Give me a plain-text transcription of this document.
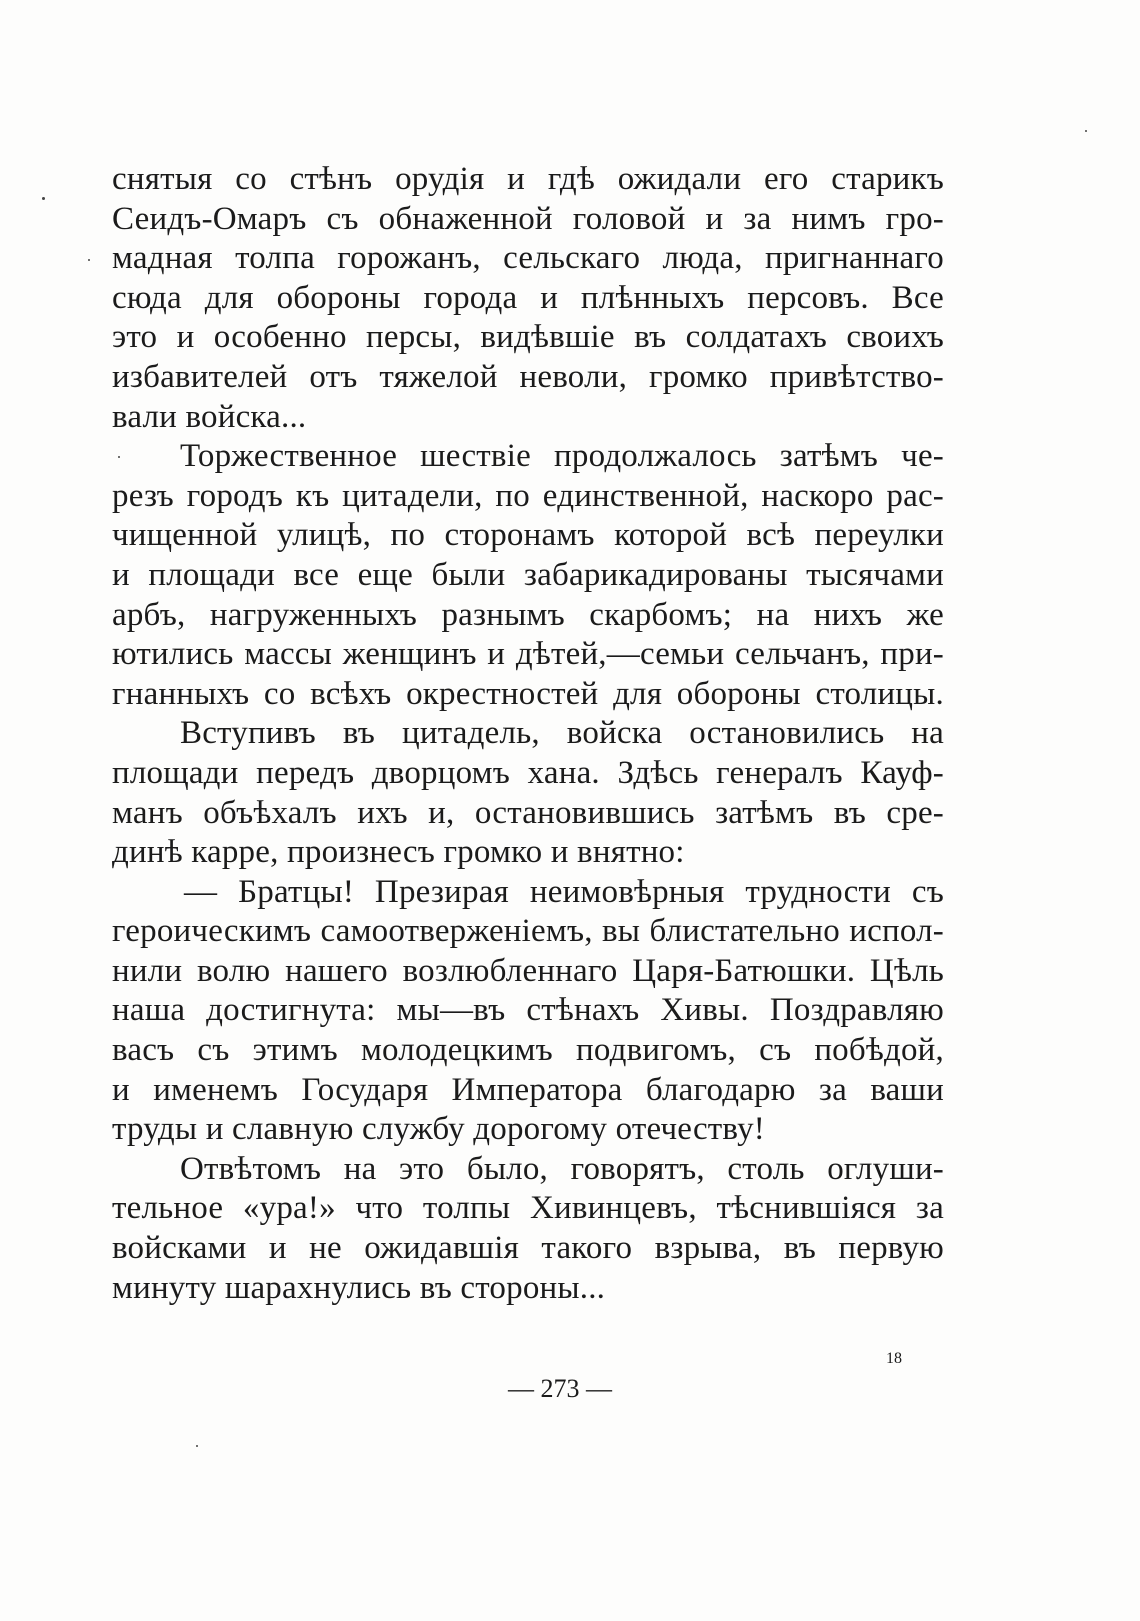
снятыя со стѣнъ орудія и гдѣ ожидали его старикъ
Сеидъ-Омаръ съ обнаженной головой и за нимъ гро-
мадная толпа горожанъ, сельскаго люда, пригнаннаго
сюда для обороны города и плѣнныхъ персовъ. Все
это и особенно персы, видѣвшіе въ солдатахъ своихъ
избавителей отъ тяжелой неволи, громко привѣтство-
вали войска...
Торжественное шествіе продолжалось затѣмъ че-
резъ городъ къ цитадели, по единственной, наскоро рас-
чищенной улицѣ, по сторонамъ которой всѣ переулки
и площади все еще были забарикадированы тысячами
арбъ, нагруженныхъ разнымъ скарбомъ; на нихъ же
ютились массы женщинъ и дѣтей,—семьи сельчанъ, при-
гнанныхъ со всѣхъ окрестностей для обороны столицы.
Вступивъ въ цитадель, войска остановились на
площади передъ дворцомъ хана. Здѣсь генералъ Кауф-
манъ объѣхалъ ихъ и, остановившись затѣмъ въ сре-
динѣ карре, произнесъ громко и внятно:
— Братцы! Презирая неимовѣрныя трудности съ
героическимъ самоотверженіемъ, вы блистательно испол-
нили волю нашего возлюбленнаго Царя-Батюшки. Цѣль
наша достигнута: мы—въ стѣнахъ Хивы. Поздравляю
васъ съ этимъ молодецкимъ подвигомъ, съ побѣдой,
и именемъ Государя Императора благодарю за ваши
труды и славную службу дорогому отечеству!
Отвѣтомъ на это было, говорятъ, столь оглуши-
тельное «ура!» что толпы Хивинцевъ, тѣснившіяся за
войсками и не ожидавшія такого взрыва, въ первую
минуту шарахнулись въ стороны...
18
— 273 —
